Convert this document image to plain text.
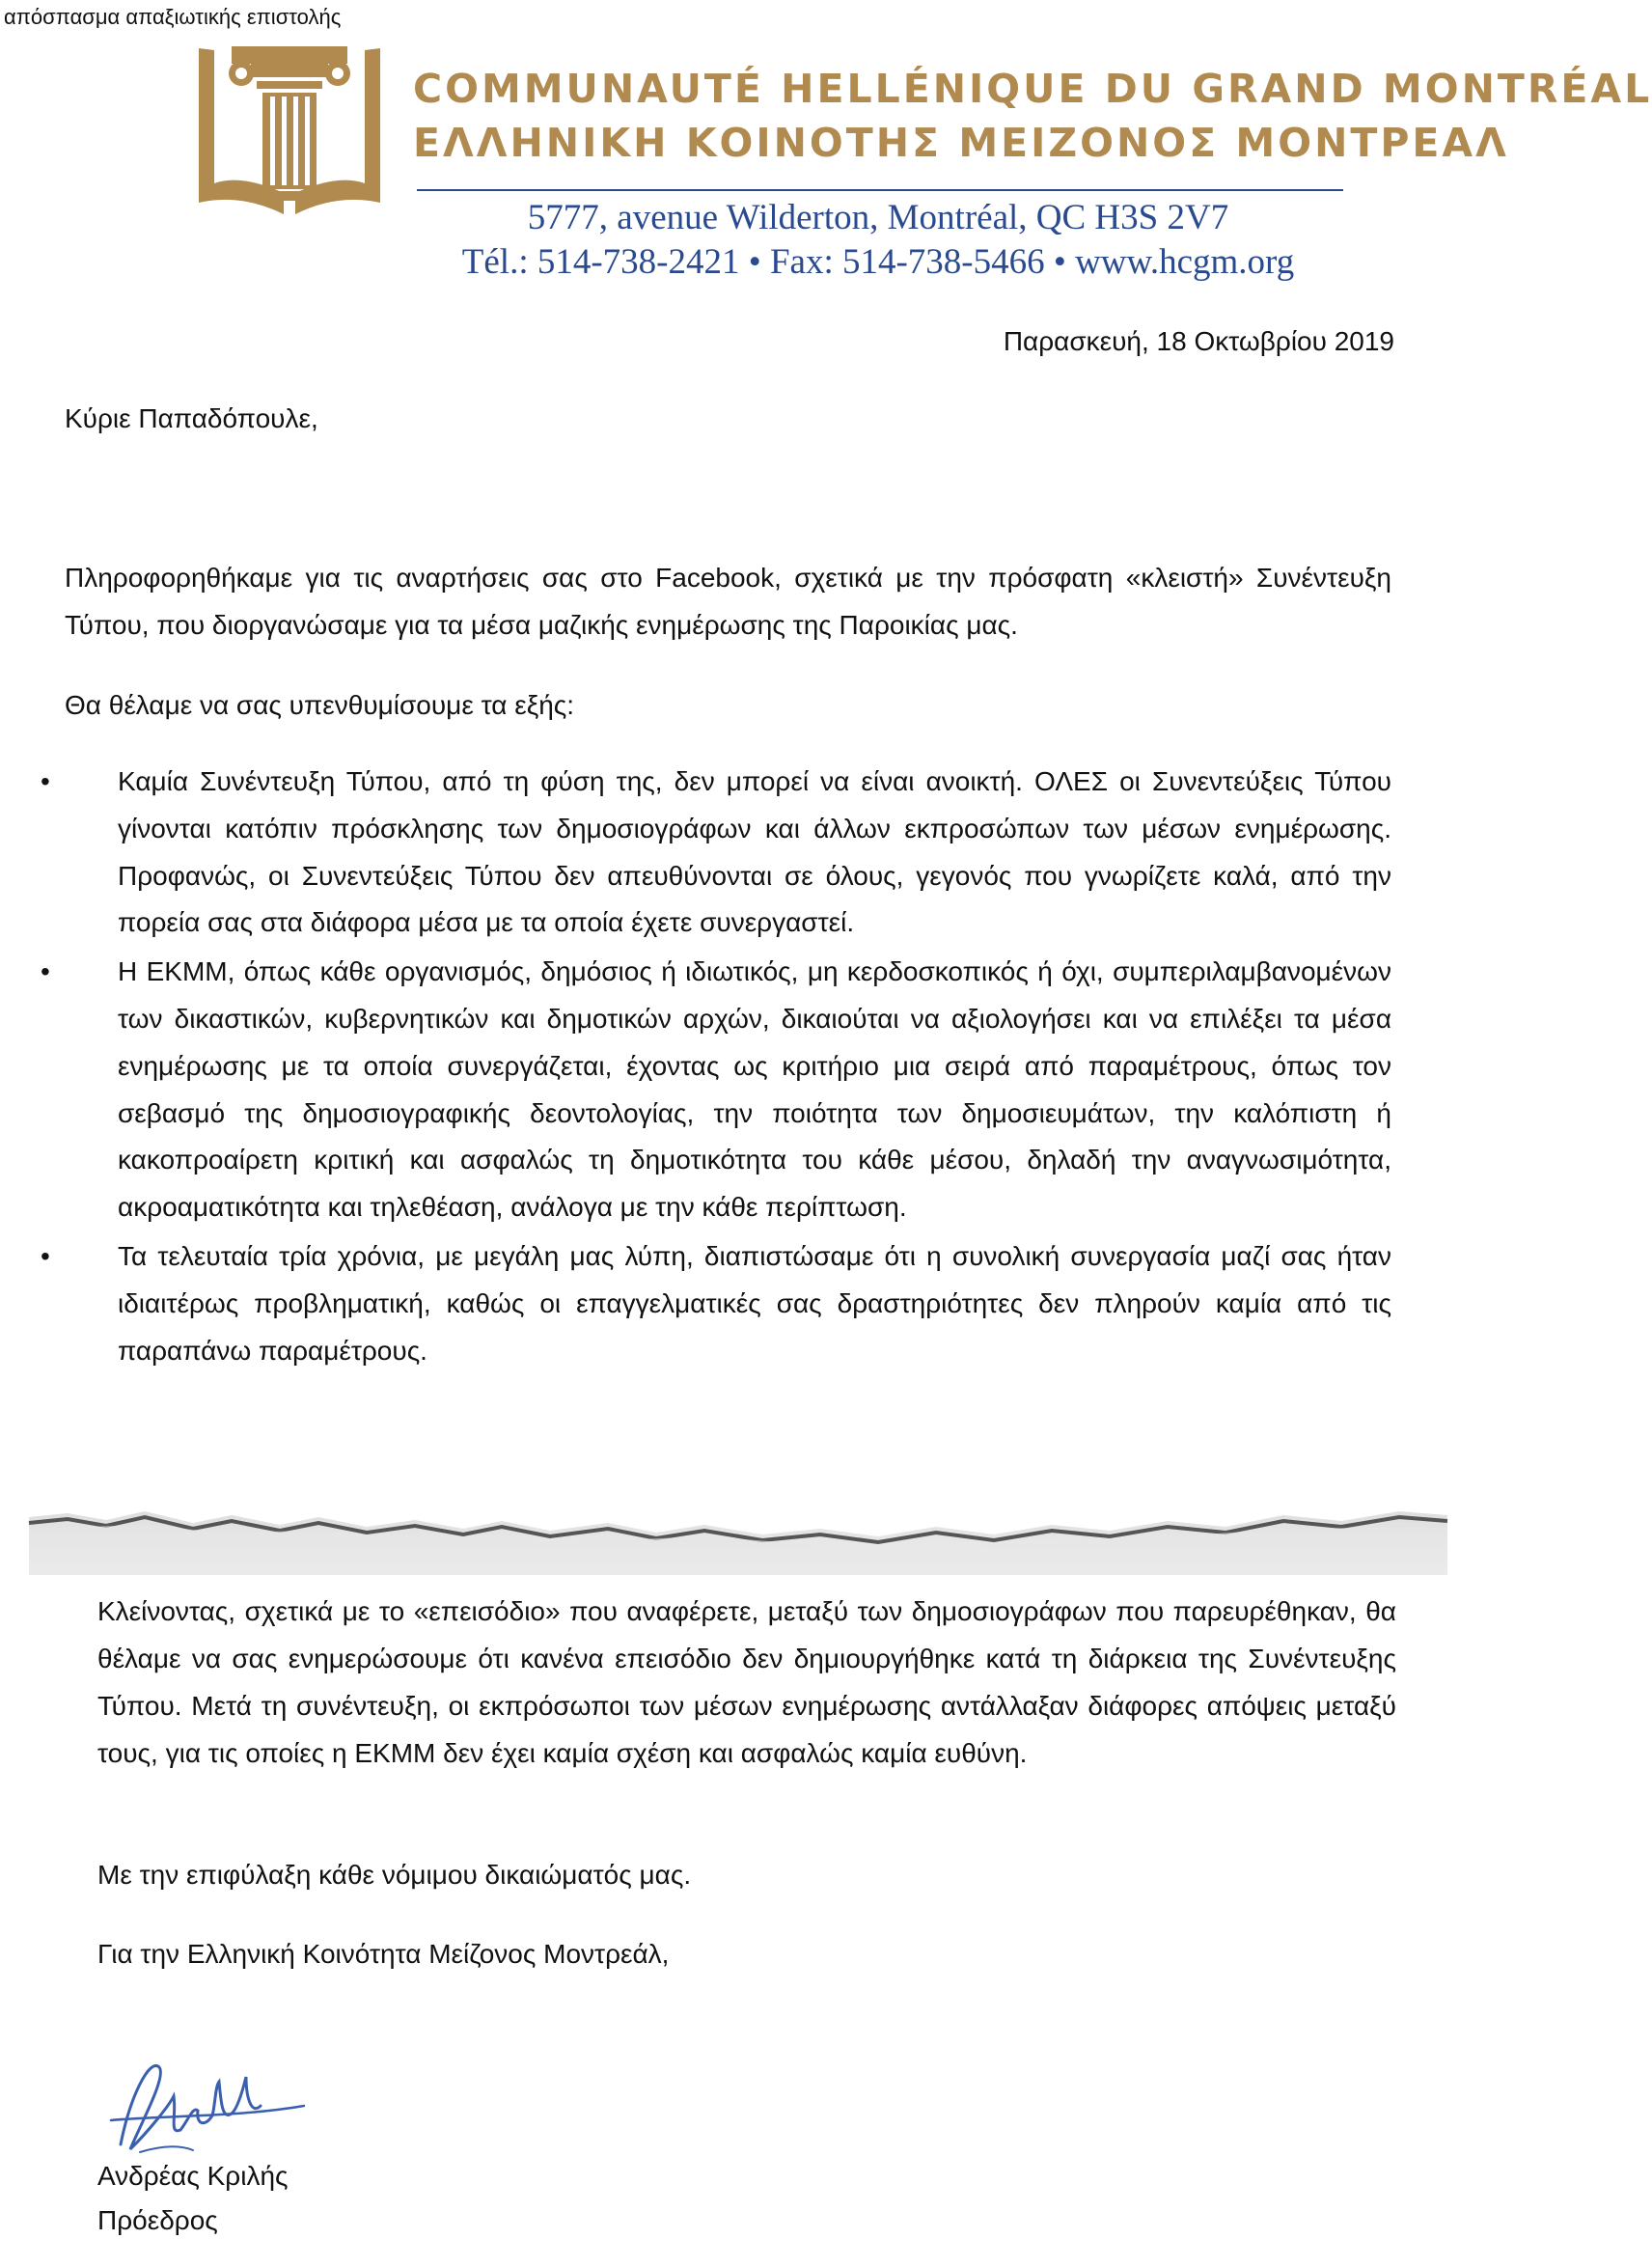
απόσπασμα απαξιωτικής επιστολής
COMMUNAUTÉ HELLÉNIQUE DU GRAND MONTRÉAL
ΕΛΛΗΝΙΚΗ ΚΟΙΝΟΤΗΣ ΜΕΙΖΟΝΟΣ ΜΟΝΤΡΕΑΛ
5777, avenue Wilderton, Montréal, QC H3S 2V7
Tél.: 514-738-2421 • Fax: 514-738-5466 • www.hcgm.org
Παρασκευή, 18 Οκτωβρίου 2019
Κύριε Παπαδόπουλε,

Πληροφορηθήκαμε για τις αναρτήσεις σας στο Facebook, σχετικά με την πρόσφατη «κλειστή» Συνέντευξη Τύπου, που διοργανώσαμε για τα μέσα μαζικής ενημέρωσης της Παροικίας μας.

Θα θέλαμε να σας υπενθυμίσουμε τα εξής:

• Καμία Συνέντευξη Τύπου, από τη φύση της, δεν μπορεί να είναι ανοικτή. ΟΛΕΣ οι Συνεντεύξεις Τύπου γίνονται κατόπιν πρόσκλησης των δημοσιογράφων και άλλων εκπροσώπων των μέσων ενημέρωσης. Προφανώς, οι Συνεντεύξεις Τύπου δεν απευθύνονται σε όλους, γεγονός που γνωρίζετε καλά, από την πορεία σας στα διάφορα μέσα με τα οποία έχετε συνεργαστεί.
• Η ΕΚΜΜ, όπως κάθε οργανισμός, δημόσιος ή ιδιωτικός, μη κερδοσκοπικός ή όχι, συμπεριλαμβανομένων των δικαστικών, κυβερνητικών και δημοτικών αρχών, δικαιούται να αξιολογήσει και να επιλέξει τα μέσα ενημέρωσης με τα οποία συνεργάζεται, έχοντας ως κριτήριο μια σειρά από παραμέτρους, όπως τον σεβασμό της δημοσιογραφικής δεοντολογίας, την ποιότητα των δημοσιευμάτων, την καλόπιστη ή κακοπροαίρετη κριτική και ασφαλώς τη δημοτικότητα του κάθε μέσου, δηλαδή την αναγνωσιμότητα, ακροαματικότητα και τηλεθέαση, ανάλογα με την κάθε περίπτωση.
• Τα τελευταία τρία χρόνια, με μεγάλη μας λύπη, διαπιστώσαμε ότι η συνολική συνεργασία μαζί σας ήταν ιδιαιτέρως προβληματική, καθώς οι επαγγελματικές σας δραστηριότητες δεν πληρούν καμία από τις παραπάνω παραμέτρους.

Κλείνοντας, σχετικά με το «επεισόδιο» που αναφέρετε, μεταξύ των δημοσιογράφων που παρευρέθηκαν, θα θέλαμε να σας ενημερώσουμε ότι κανένα επεισόδιο δεν δημιουργήθηκε κατά τη διάρκεια της Συνέντευξης Τύπου. Μετά τη συνέντευξη, οι εκπρόσωποι των μέσων ενημέρωσης αντάλλαξαν διάφορες απόψεις μεταξύ τους, για τις οποίες η ΕΚΜΜ δεν έχει καμία σχέση και ασφαλώς καμία ευθύνη.

Με την επιφύλαξη κάθε νόμιμου δικαιώματός μας.

Για την Ελληνική Κοινότητα Μείζονος Μοντρεάλ,

Ανδρέας Κριλής
Πρόεδρος
